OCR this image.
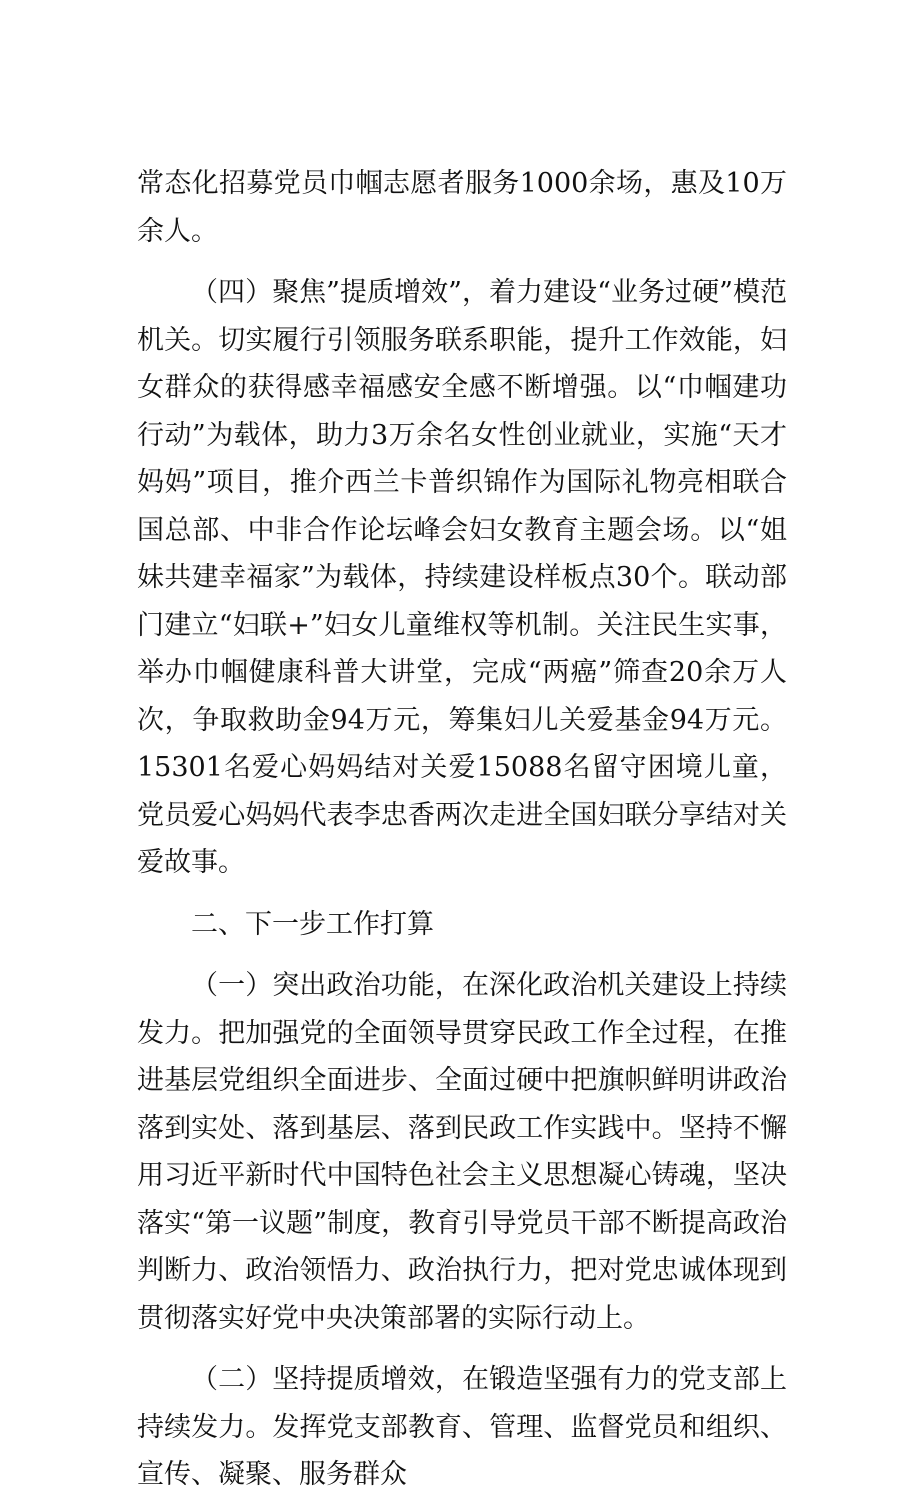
常态化招募党员巾帼志愿者服务1000余场，惠及10万余人。

（四）聚焦”提质增效”，着力建设“业务过硬”模范机关。切实履行引领服务联系职能，提升工作效能，妇女群众的获得感幸福感安全感不断增强。以“巾帼建功行动”为载体，助力3万余名女性创业就业，实施“天才妈妈”项目，推介西兰卡普织锦作为国际礼物亮相联合国总部、中非合作论坛峰会妇女教育主题会场。以“姐妹共建幸福家”为载体，持续建设样板点30个。联动部门建立“妇联+”妇女儿童维权等机制。关注民生实事，举办巾帼健康科普大讲堂，完成“两癌”筛查20余万人次，争取救助金94万元，筹集妇儿关爱基金94万元。15301名爱心妈妈结对关爱15088名留守困境儿童，党员爱心妈妈代表李忠香两次走进全国妇联分享结对关爱故事。

二、下一步工作打算

（一）突出政治功能，在深化政治机关建设上持续发力。把加强党的全面领导贯穿民政工作全过程，在推进基层党组织全面进步、全面过硬中把旗帜鲜明讲政治落到实处、落到基层、落到民政工作实践中。坚持不懈用习近平新时代中国特色社会主义思想凝心铸魂，坚决落实“第一议题”制度，教育引导党员干部不断提高政治判断力、政治领悟力、政治执行力，把对党忠诚体现到贯彻落实好党中央决策部署的实际行动上。

（二）坚持提质增效，在锻造坚强有力的党支部上持续发力。发挥党支部教育、管理、监督党员和组织、宣传、凝聚、服务群众
